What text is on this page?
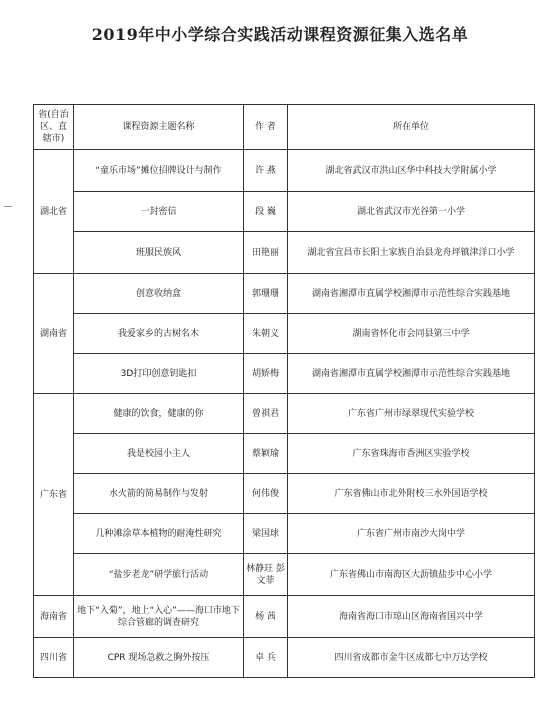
2019年中小学综合实践活动课程资源征集入选名单
省(自治区、直辖市)	课程资源主题名称	作 者	所在单位
湖北省	“童乐市场”摊位招牌设计与制作	许 燕	湖北省武汉市洪山区华中科技大学附属小学
	一封密信	段 巍	湖北省武汉市光谷第一小学
	班服民族风	田艳丽	湖北省宜昌市长阳土家族自治县龙舟坪镇津洋口小学
湖南省	创意收纳盒	郭珊珊	湖南省湘潭市直属学校湘潭市示范性综合实践基地
	我爱家乡的古树名木	朱朝义	湖南省怀化市会同县第三中学
	3D打印创意钥匙扣	胡娇梅	湖南省湘潭市直属学校湘潭市示范性综合实践基地
广东省	健康的饮食，健康的你	曾祺君	广东省广州市绿翠现代实验学校
	我是校园小主人	蔡颖瑜	广东省珠海市香洲区实验学校
	水火箭的简易制作与发射	何伟俊	广东省佛山市北外附校三水外国语学校
	几种滩涂草本植物的耐淹性研究	梁国球	广东省广州市南沙大岗中学
	“盐步老龙”研学旅行活动	林静玨 彭文菲	广东省佛山市南海区大沥镇盐步中心小学
海南省	地下“入菊”，地上“入心”——海口市地下综合管廊的调查研究	杨 茜	海南省海口市琼山区海南省国兴中学
四川省	CPR 现场急救之胸外按压	卓 兵	四川省成都市金牛区成都七中万达学校
